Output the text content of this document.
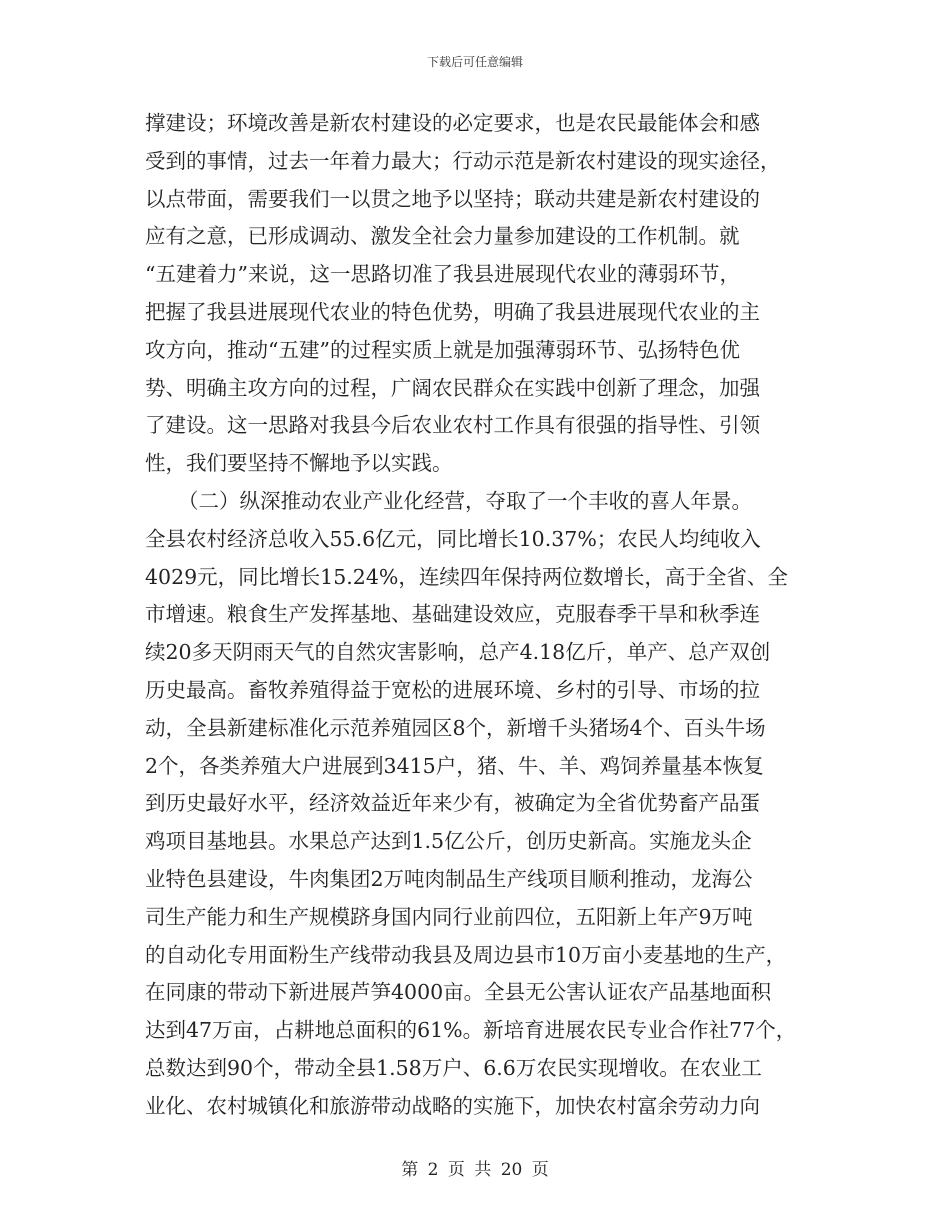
下载后可任意编辑
撑建设；环境改善是新农村建设的必定要求，也是农民最能体会和感
受到的事情，过去一年着力最大；行动示范是新农村建设的现实途径，
以点带面，需要我们一以贯之地予以坚持；联动共建是新农村建设的
应有之意，已形成调动、激发全社会力量参加建设的工作机制。就
“五建着力”来说，这一思路切准了我县进展现代农业的薄弱环节，
把握了我县进展现代农业的特色优势，明确了我县进展现代农业的主
攻方向，推动“五建”的过程实质上就是加强薄弱环节、弘扬特色优
势、明确主攻方向的过程，广阔农民群众在实践中创新了理念，加强
了建设。这一思路对我县今后农业农村工作具有很强的指导性、引领
性，我们要坚持不懈地予以实践。
（二）纵深推动农业产业化经营，夺取了一个丰收的喜人年景。
全县农村经济总收入55.6亿元，同比增长10.37%；农民人均纯收入
4029元，同比增长15.24%，连续四年保持两位数增长，高于全省、全
市增速。粮食生产发挥基地、基础建设效应，克服春季干旱和秋季连
续20多天阴雨天气的自然灾害影响，总产4.18亿斤，单产、总产双创
历史最高。畜牧养殖得益于宽松的进展环境、乡村的引导、市场的拉
动，全县新建标准化示范养殖园区8个，新增千头猪场4个、百头牛场
2个，各类养殖大户进展到3415户，猪、牛、羊、鸡饲养量基本恢复
到历史最好水平，经济效益近年来少有，被确定为全省优势畜产品蛋
鸡项目基地县。水果总产达到1.5亿公斤，创历史新高。实施龙头企
业特色县建设，牛肉集团2万吨肉制品生产线项目顺利推动，龙海公
司生产能力和生产规模跻身国内同行业前四位，五阳新上年产9万吨
的自动化专用面粉生产线带动我县及周边县市10万亩小麦基地的生产，
在同康的带动下新进展芦笋4000亩。全县无公害认证农产品基地面积
达到47万亩，占耕地总面积的61%。新培育进展农民专业合作社77个，
总数达到90个，带动全县1.58万户、6.6万农民实现增收。在农业工
业化、农村城镇化和旅游带动战略的实施下，加快农村富余劳动力向
第 2 页 共 20 页
